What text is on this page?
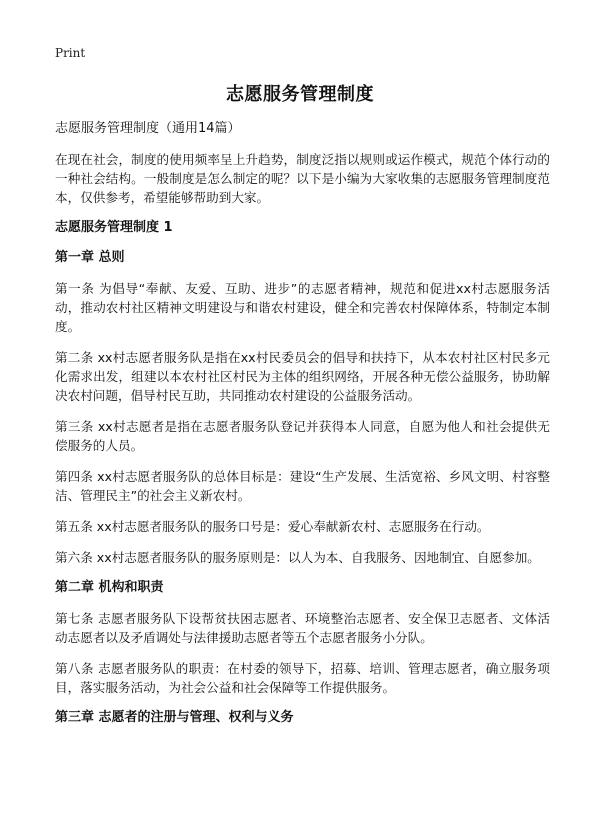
Print
志愿服务管理制度

志愿服务管理制度（通用14篇）

在现在社会，制度的使用频率呈上升趋势，制度泛指以规则或运作模式，规范个体行动的一种社会结构。一般制度是怎么制定的呢？以下是小编为大家收集的志愿服务管理制度范本，仅供参考，希望能够帮助到大家。

志愿服务管理制度 1

第一章 总则

第一条 为倡导“奉献、友爱、互助、进步”的志愿者精神，规范和促进xx村志愿服务活动，推动农村社区精神文明建设与和谐农村建设，健全和完善农村保障体系，特制定本制度。

第二条 xx村志愿者服务队是指在xx村民委员会的倡导和扶持下，从本农村社区村民多元化需求出发，组建以本农村社区村民为主体的组织网络，开展各种无偿公益服务，协助解决农村问题，倡导村民互助，共同推动农村建设的公益服务活动。

第三条 xx村志愿者是指在志愿者服务队登记并获得本人同意，自愿为他人和社会提供无偿服务的人员。

第四条 xx村志愿者服务队的总体目标是：建设“生产发展、生活宽裕、乡风文明、村容整洁、管理民主”的社会主义新农村。

第五条 xx村志愿者服务队的服务口号是：爱心奉献新农村、志愿服务在行动。

第六条 xx村志愿者服务队的服务原则是：以人为本、自我服务、因地制宜、自愿参加。

第二章 机构和职责

第七条 志愿者服务队下设帮贫扶困志愿者、环境整治志愿者、安全保卫志愿者、文体活动志愿者以及矛盾调处与法律援助志愿者等五个志愿者服务小分队。

第八条 志愿者服务队的职责：在村委的领导下，招募、培训、管理志愿者，确立服务项目，落实服务活动，为社会公益和社会保障等工作提供服务。

第三章 志愿者的注册与管理、权利与义务
